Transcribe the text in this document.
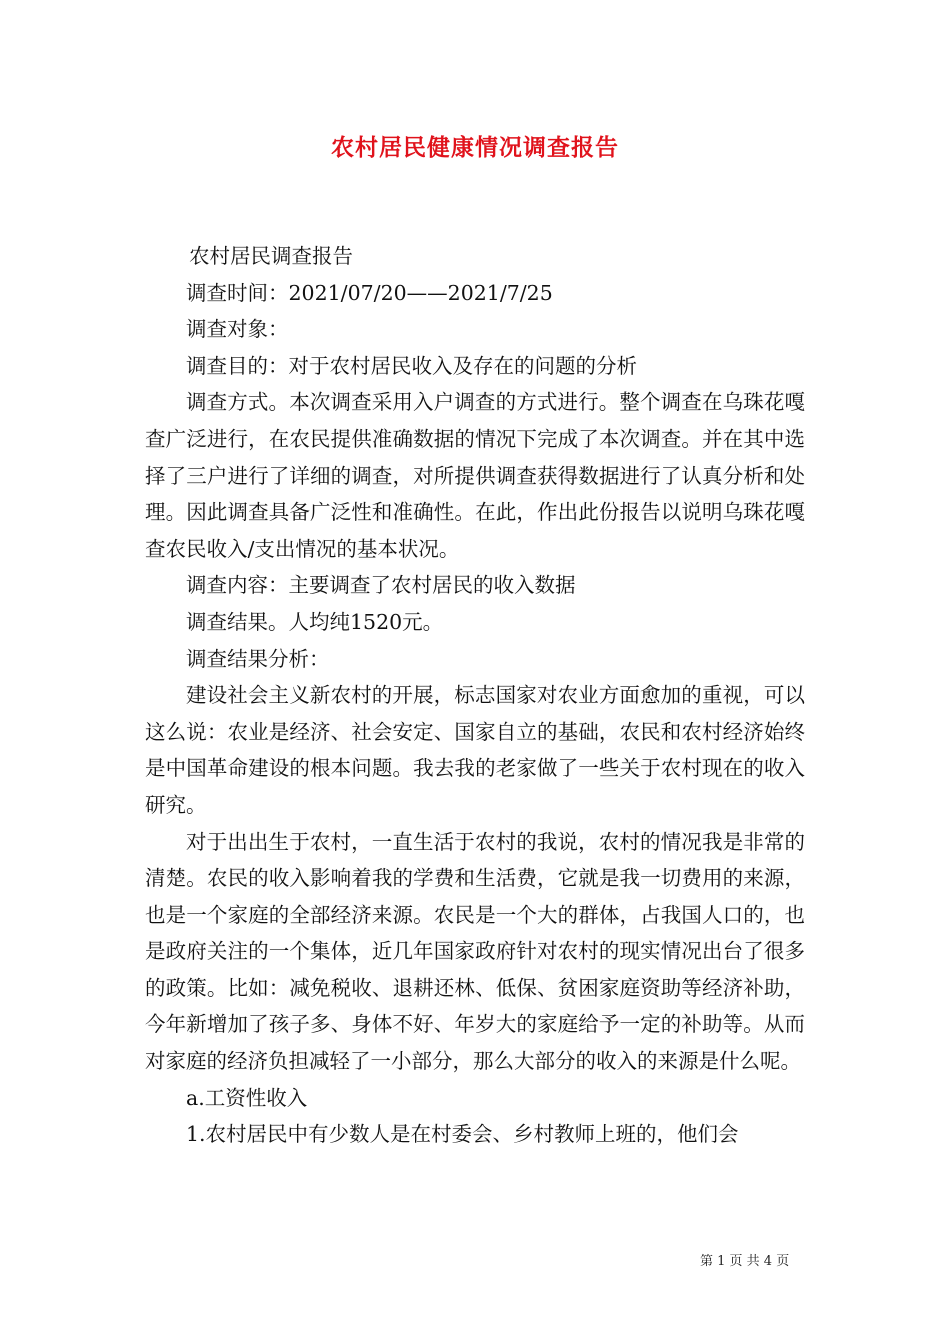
农村居民健康情况调查报告

农村居民调查报告

调查时间：2021/07/20——2021/7/25

调查对象：

调查目的：对于农村居民收入及存在的问题的分析

调查方式。本次调查采用入户调查的方式进行。整个调查在乌珠花嘎查广泛进行，在农民提供准确数据的情况下完成了本次调查。并在其中选择了三户进行了详细的调查，对所提供调查获得数据进行了认真分析和处理。因此调查具备广泛性和准确性。在此，作出此份报告以说明乌珠花嘎查农民收入/支出情况的基本状况。

调查内容：主要调查了农村居民的收入数据

调查结果。人均纯1520元。

调查结果分析：

建设社会主义新农村的开展，标志国家对农业方面愈加的重视，可以这么说：农业是经济、社会安定、国家自立的基础，农民和农村经济始终是中国革命建设的根本问题。我去我的老家做了一些关于农村现在的收入研究。

对于出出生于农村，一直生活于农村的我说，农村的情况我是非常的清楚。农民的收入影响着我的学费和生活费，它就是我一切费用的来源，也是一个家庭的全部经济来源。农民是一个大的群体，占我国人口的，也是政府关注的一个集体，近几年国家政府针对农村的现实情况出台了很多的政策。比如：减免税收、退耕还林、低保、贫困家庭资助等经济补助，今年新增加了孩子多、身体不好、年岁大的家庭给予一定的补助等。从而对家庭的经济负担减轻了一小部分，那么大部分的收入的来源是什么呢。

a.工资性收入

1.农村居民中有少数人是在村委会、乡村教师上班的，他们会

第 1 页 共 4 页
